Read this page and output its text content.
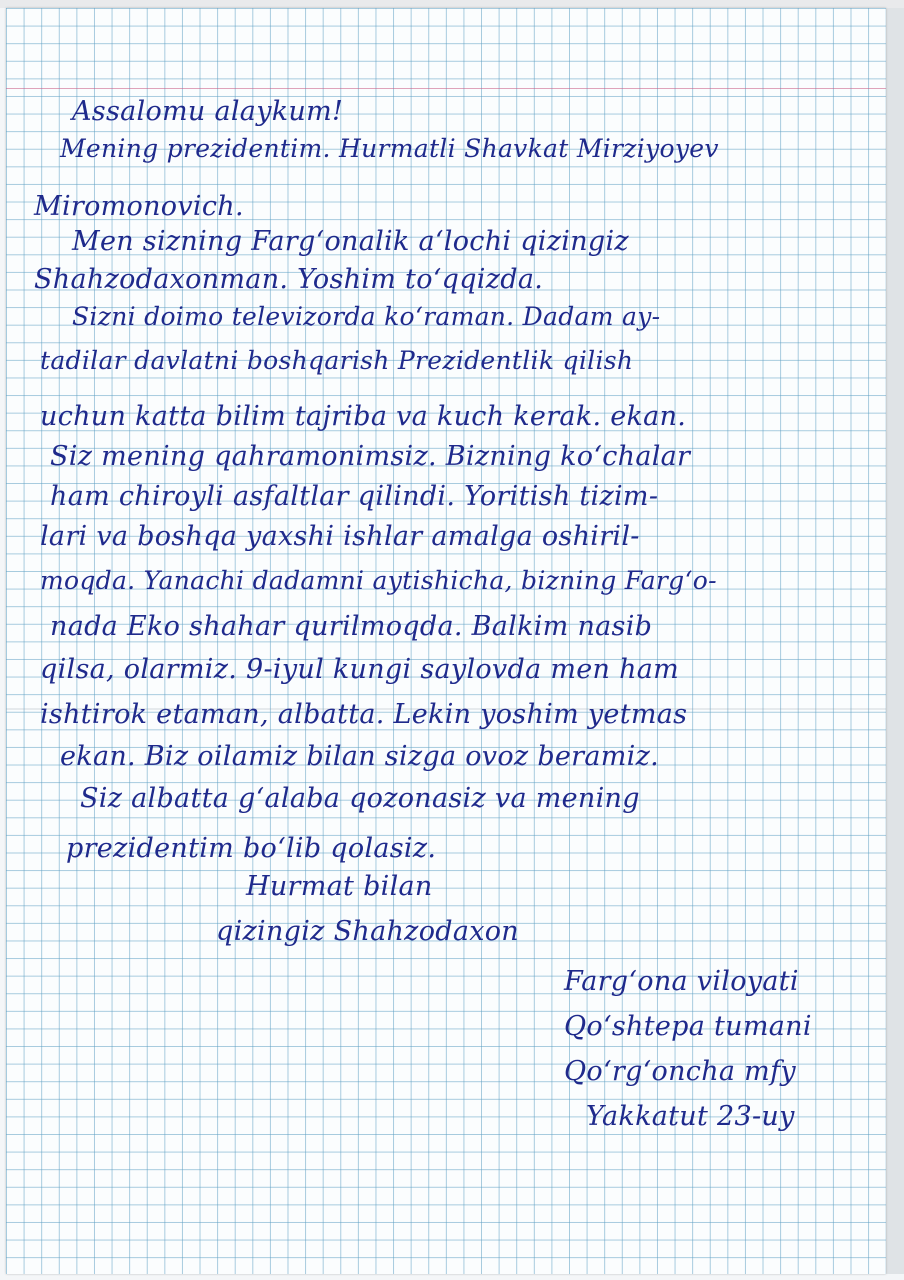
Assalomu alaykum!

Mening prezidentim. Hurmatli Shavkat Mirziyoyev

Miromonovich.

Men sizning Farg‘onalik a‘lochi qizingiz

Shahzodaxonman. Yoshim to‘qqizda.

Sizni doimo televizorda ko‘raman. Dadam ay-

tadilar davlatni boshqarish Prezidentlik qilish

uchun katta bilim tajriba va kuch kerak. ekan.

Siz mening qahramonimsiz. Bizning ko‘chalar

ham chiroyli asfaltlar qilindi. Yoritish tizim-

lari va boshqa yaxshi ishlar amalga oshiril-

moqda. Yanachi dadamni aytishicha, bizning Farg‘o-

nada Eko shahar qurilmoqda. Balkim nasib

qilsa, olarmiz. 9-iyul kungi saylovda men ham

ishtirok etaman, albatta. Lekin yoshim yetmas

ekan. Biz oilamiz bilan sizga ovoz beramiz.

Siz albatta g‘alaba qozonasiz va mening

prezidentim bo‘lib qolasiz.

Hurmat bilan

qizingiz Shahzodaxon

Farg‘ona viloyati

Qo‘shtepa tumani

Qo‘rg‘oncha mfy

Yakkatut 23-uy
